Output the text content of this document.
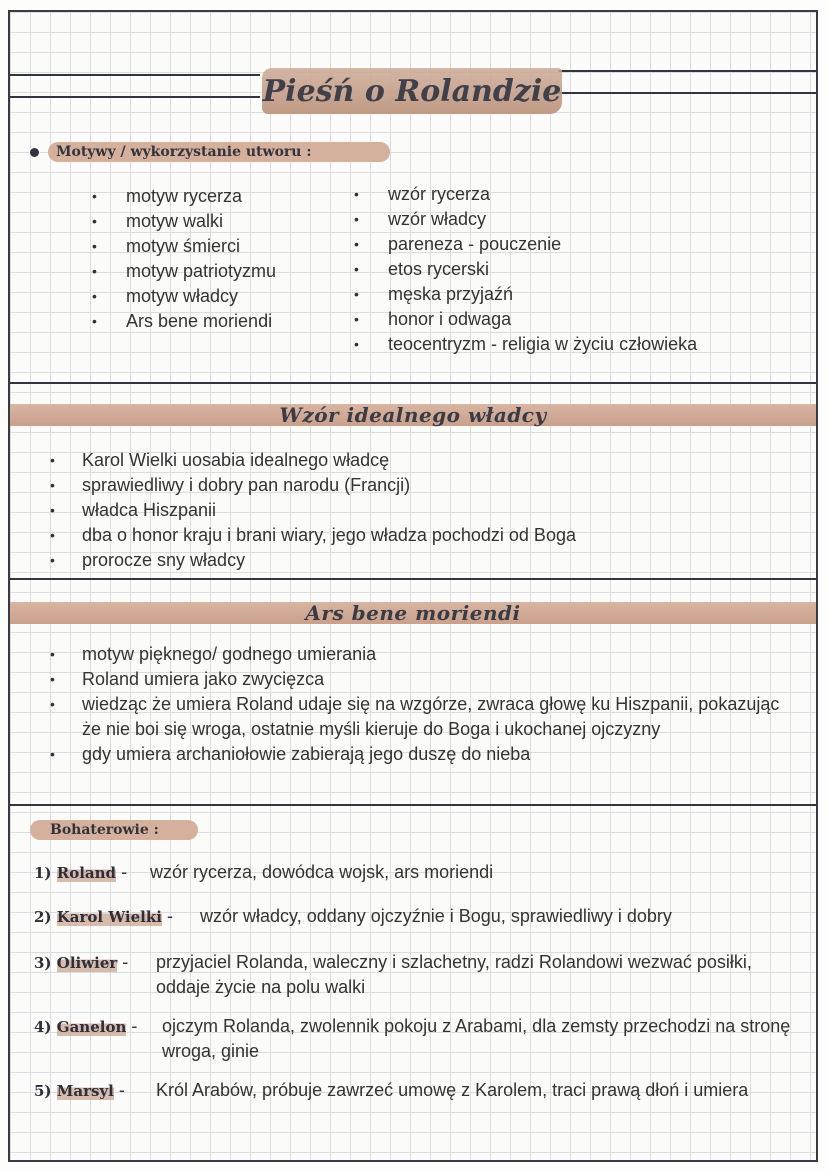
Pieśń o Rolandzie
Motywy / wykorzystanie utworu :
• motyw rycerza
• motyw walki
• motyw śmierci
• motyw patriotyzmu
• motyw władcy
• Ars bene moriendi
• wzór rycerza
• wzór władcy
• pareneza - pouczenie
• etos rycerski
• męska przyjaźń
• honor i odwaga
• teocentryzm - religia w życiu człowieka
Wzór idealnego władcy
• Karol Wielki uosabia idealnego władcę
• sprawiedliwy i dobry pan narodu (Francji)
• władca Hiszpanii
• dba o honor kraju i brani wiary, jego władza pochodzi od Boga
• prorocze sny władcy
Ars bene moriendi
• motyw pięknego/ godnego umierania
• Roland umiera jako zwycięzca
• wiedząc że umiera Roland udaje się na wzgórze, zwraca głowę ku Hiszpanii, pokazując że nie boi się wroga, ostatnie myśli kieruje do Boga i ukochanej ojczyzny
• gdy umiera archaniołowie zabierają jego duszę do nieba
Bohaterowie :
1) Roland - wzór rycerza, dowódca wojsk, ars moriendi
2) Karol Wielki - wzór władcy, oddany ojczyźnie i Bogu, sprawiedliwy i dobry
3) Oliwier - przyjaciel Rolanda, waleczny i szlachetny, radzi Rolandowi wezwać posiłki, oddaje życie na polu walki
4) Ganelon - ojczym Rolanda, zwolennik pokoju z Arabami, dla zemsty przechodzi na stronę wroga, ginie
5) Marsyl - Król Arabów, próbuje zawrzeć umowę z Karolem, traci prawą dłoń i umiera
